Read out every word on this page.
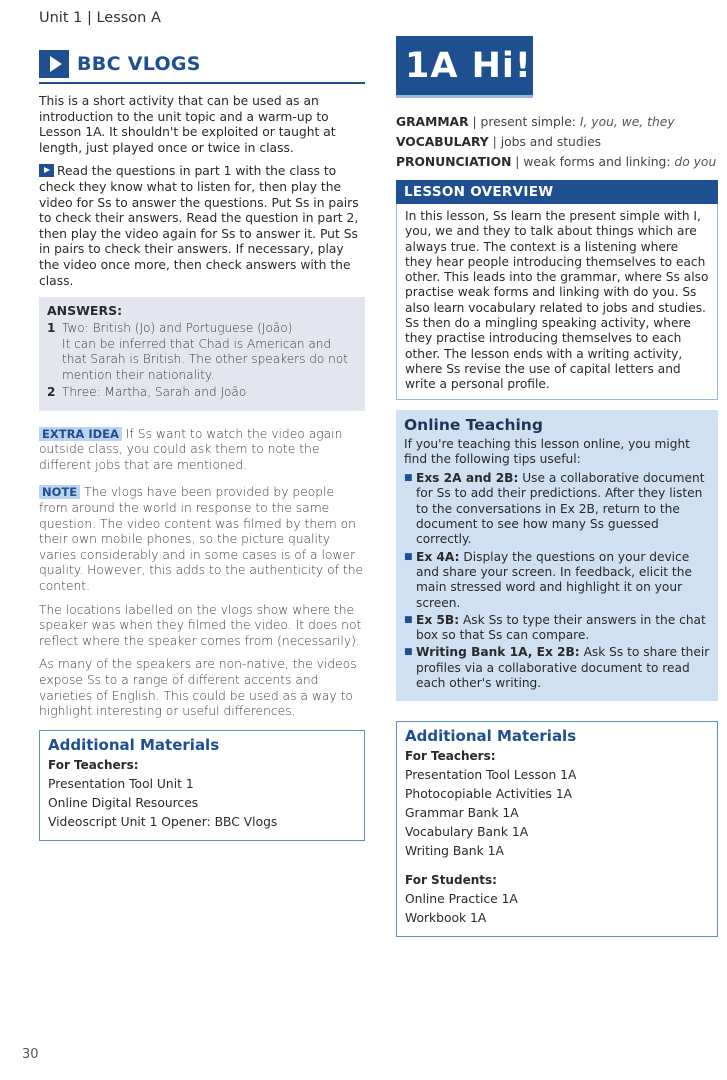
Unit 1 | Lesson A
BBC VLOGS

This is a short activity that can be used as an introduction to the unit topic and a warm-up to Lesson 1A. It shouldn't be exploited or taught at length, just played once or twice in class.

Read the questions in part 1 with the class to check they know what to listen for, then play the video for Ss to answer the questions. Put Ss in pairs to check their answers. Read the question in part 2, then play the video again for Ss to answer it. Put Ss in pairs to check their answers. If necessary, play the video once more, then check answers with the class.

ANSWERS:
1 Two: British (Jo) and Portuguese (João)
It can be inferred that Chad is American and that Sarah is British. The other speakers do not mention their nationality.
2 Three: Martha, Sarah and João

EXTRA IDEA If Ss want to watch the video again outside class, you could ask them to note the different jobs that are mentioned.

NOTE The vlogs have been provided by people from around the world in response to the same question. The video content was filmed by them on their own mobile phones, so the picture quality varies considerably and in some cases is of a lower quality. However, this adds to the authenticity of the content.

The locations labelled on the vlogs show where the speaker was when they filmed the video. It does not reflect where the speaker comes from (necessarily).

As many of the speakers are non-native, the videos expose Ss to a range of different accents and varieties of English. This could be used as a way to highlight interesting or useful differences.

Additional Materials
For Teachers:
Presentation Tool Unit 1
Online Digital Resources
Videoscript Unit 1 Opener: BBC Vlogs
1A Hi!
GRAMMAR | present simple: I, you, we, they
VOCABULARY | jobs and studies
PRONUNCIATION | weak forms and linking: do you
LESSON OVERVIEW
In this lesson, Ss learn the present simple with I, you, we and they to talk about things which are always true. The context is a listening where they hear people introducing themselves to each other. This leads into the grammar, where Ss also practise weak forms and linking with do you. Ss also learn vocabulary related to jobs and studies. Ss then do a mingling speaking activity, where they practise introducing themselves to each other. The lesson ends with a writing activity, where Ss revise the use of capital letters and write a personal profile.
Online Teaching
If you're teaching this lesson online, you might find the following tips useful:
■ Exs 2A and 2B: Use a collaborative document for Ss to add their predictions. After they listen to the conversations in Ex 2B, return to the document to see how many Ss guessed correctly.
■ Ex 4A: Display the questions on your device and share your screen. In feedback, elicit the main stressed word and highlight it on your screen.
■ Ex 5B: Ask Ss to type their answers in the chat box so that Ss can compare.
■ Writing Bank 1A, Ex 2B: Ask Ss to share their profiles via a collaborative document to read each other's writing.
Additional Materials
For Teachers:
Presentation Tool Lesson 1A
Photocopiable Activities 1A
Grammar Bank 1A
Vocabulary Bank 1A
Writing Bank 1A
For Students:
Online Practice 1A
Workbook 1A
30
